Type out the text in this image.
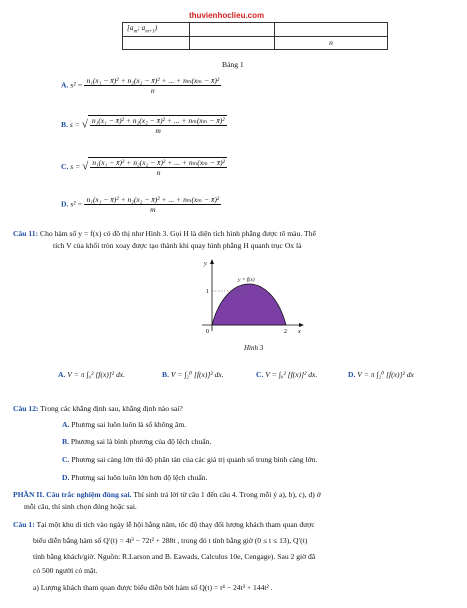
thuvienhoclieu.com
[$a_m$; $a_{m+1}$)		
		n
Bảng 1
A. $s^2 = \frac{\text{n₁(x₁ − x̄)² + n₂(x₂ − x̄)² + ... + nₘ(xₘ − x̄)²}}{n}$
B. s = √ $\frac{\text{n₁(x₁ − x̄)² + n₂(x₂ − x̄)² + ... + nₘ(xₘ − x̄)²}}{m}$
C. s = √ $\frac{\text{n₁(x₁ − x̄)² + n₂(x₂ − x̄)² + ... + nₘ(xₘ − x̄)²}}{n}$
D. $s^2 = \frac{\text{n₁(x₁ − x̄)² + n₂(x₂ − x̄)² + ... + nₘ(xₘ − x̄)²}}{m}$
Câu 11: Cho hàm số y = f(x) có đồ thị như Hình 3. Gọi H là diện tích hình phẳng được tô màu. Thể
tích V của khối tròn xoay được tạo thành khi quay hình phẳng H quanh trục Ox là
y
x
y = f(x)
1
0	2
Hình 3
A. V = π ∫₀² [f(x)]² dx.	B. V = ∫₂⁰ [f(x)]² dx.	C. V = ∫₀² [f(x)]² dx.	D. V = π ∫₂⁰ [f(x)]² dx
Câu 12: Trong các khẳng định sau, khẳng định nào sai?
A. Phương sai luôn luôn là số không âm.
B. Phương sai là bình phương của độ lệch chuẩn.
C. Phương sai càng lớn thì độ phân tán của các giá trị quanh số trung bình càng lớn.
D. Phương sai luôn luôn lớn hơn độ lệch chuẩn.
PHẦN II. Câu trắc nghiệm đúng sai. Thí sinh trả lời từ câu 1 đến câu 4. Trong mỗi ý a), b), c), d) ở
mỗi câu, thí sinh chọn đúng hoặc sai.
Câu 1: Tại một khu di tích vào ngày lễ hội hằng năm, tốc độ thay đổi lượng khách tham quan được
biểu diễn bằng hàm số Q′(t) = 4t³ − 72t² + 288t , trong đó t tính bằng giờ (0 ≤ t ≤ 13), Q′(t)
tính bằng khách/giờ. Nguồn: R.Larson and B. Eawads, Calculus 10e, Cengage). Sau 2 giờ đã
có 500 người có mặt.
a) Lượng khách tham quan được biểu diễn bởi hàm số Q(t) = t⁴ − 24t³ + 144t² .
